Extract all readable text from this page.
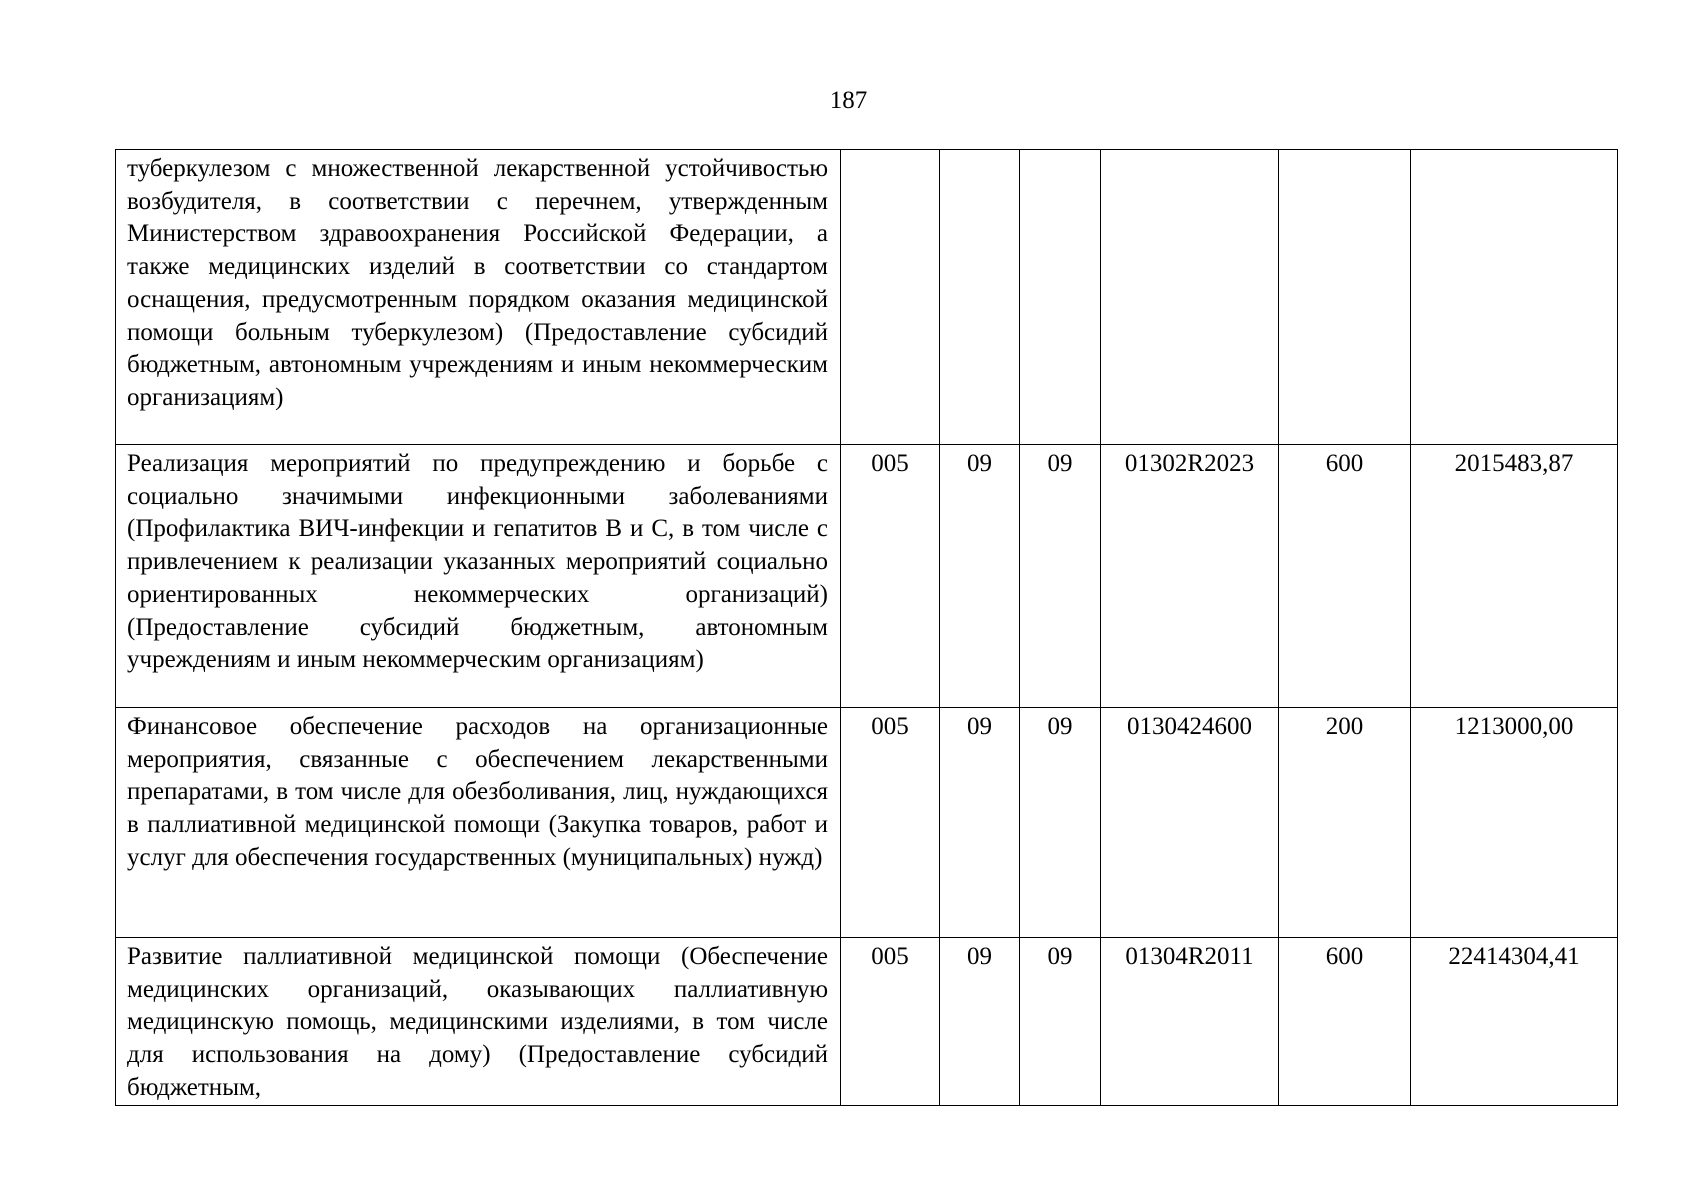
187
туберкулезом с множественной лекарственной устойчивостью возбудителя, в соответствии с перечнем, утвержденным Министерством здравоохранения Российской Федерации, а также медицинских изделий в соответствии со стандартом оснащения, предусмотренным порядком оказания медицинской помощи больным туберкулезом) (Предоставление субсидий бюджетным, автономным учреждениям и иным некоммерческим организациям)						
Реализация мероприятий по предупреждению и борьбе с социально значимыми инфекционными заболеваниями (Профилактика ВИЧ-инфекции и гепатитов B и C, в том числе с привлечением к реализации указанных мероприятий социально ориентированных некоммерческих организаций) (Предоставление субсидий бюджетным, автономным учреждениям и иным некоммерческим организациям)	005	09	09	01302R2023	600	2015483,87
Финансовое обеспечение расходов на организационные мероприятия, связанные с обеспечением лекарственными препаратами, в том числе для обезболивания, лиц, нуждающихся в паллиативной медицинской помощи (Закупка товаров, работ и услуг для обеспечения государственных (муниципальных) нужд)	005	09	09	0130424600	200	1213000,00
Развитие паллиативной медицинской помощи (Обеспечение медицинских организаций, оказывающих паллиативную медицинскую помощь, медицинскими изделиями, в том числе для использования на дому) (Предоставление субсидий бюджетным,	005	09	09	01304R2011	600	22414304,41
